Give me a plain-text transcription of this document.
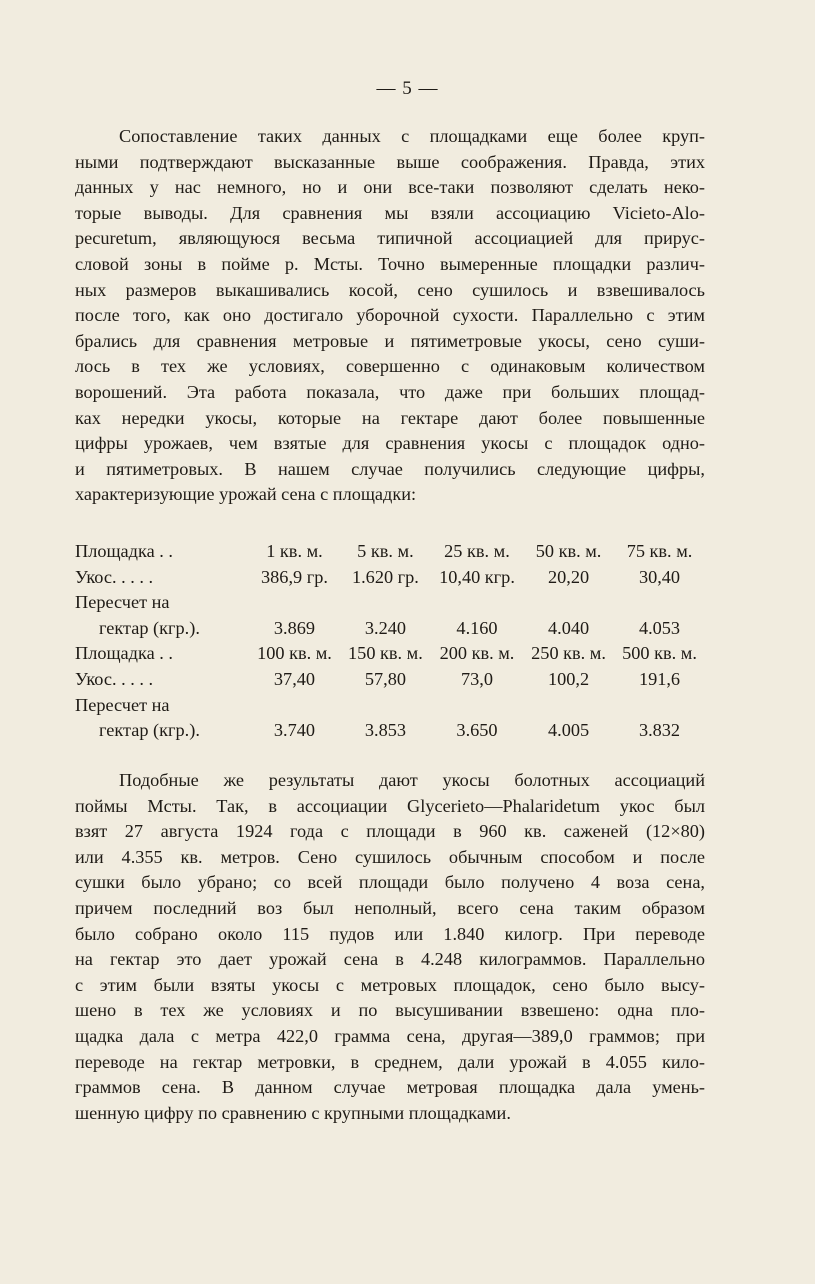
— 5 —
Сопоставление таких данных с площадками еще более круп-
ными подтверждают высказанные выше соображения. Правда, этих
данных у нас немного, но и они все-таки позволяют сделать неко-
торые выводы. Для сравнения мы взяли ассоциацию Vicieto-Alo-
pecuretum, являющуюся весьма типичной ассоциацией для прирус-
словой зоны в пойме р. Мсты. Точно вымеренные площадки различ-
ных размеров выкашивались косой, сено сушилось и взвешивалось
после того, как оно достигало уборочной сухости. Параллельно с этим
брались для сравнения метровые и пятиметровые укосы, сено суши-
лось в тех же условиях, совершенно с одинаковым количеством
ворошений. Эта работа показала, что даже при больших площад-
ках нередки укосы, которые на гектаре дают более повышенные
цифры урожаев, чем взятые для сравнения укосы с площадок одно-
и пятиметровых. В нашем случае получились следующие цифры,
характеризующие урожай сена с площадки:
Площадка . .	1 кв. м.	5 кв. м.	25 кв. м.	50 кв. м.	75 кв. м.
Укос. . . . .	386,9 гр.	1.620 гр.	10,40 кгр.	20,20	30,40
Пересчет на					
гектар (кгр.).	3.869	3.240	4.160	4.040	4.053
Площадка . .	100 кв. м.	150 кв. м.	200 кв. м.	250 кв. м.	500 кв. м.
Укос. . . . .	37,40	57,80	73,0	100,2	191,6
Пересчет на					
гектар (кгр.).	3.740	3.853	3.650	4.005	3.832
Подобные же результаты дают укосы болотных ассоциаций
поймы Мсты. Так, в ассоциации Glycerieto—Phalaridetum укос был
взят 27 августа 1924 года с площади в 960 кв. саженей (12×80)
или 4.355 кв. метров. Сено сушилось обычным способом и после
сушки было убрано; со всей площади было получено 4 воза сена,
причем последний воз был неполный, всего сена таким образом
было собрано около 115 пудов или 1.840 килогр. При переводе
на гектар это дает урожай сена в 4.248 килограммов. Параллельно
с этим были взяты укосы с метровых площадок, сено было высу-
шено в тех же условиях и по высушивании взвешено: одна пло-
щадка дала с метра 422,0 грамма сена, другая—389,0 граммов; при
переводе на гектар метровки, в среднем, дали урожай в 4.055 кило-
граммов сена. В данном случае метровая площадка дала умень-
шенную цифру по сравнению с крупными площадками.
